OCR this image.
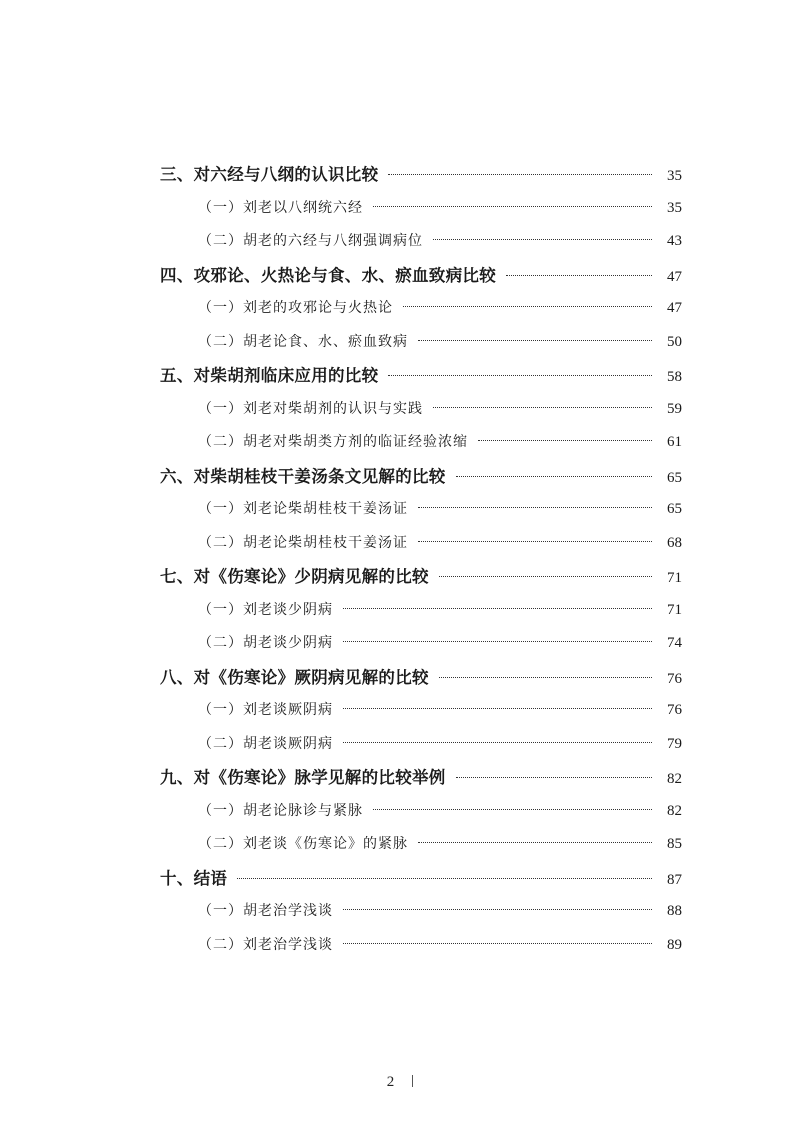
三、对六经与八纲的认识比较	35
（一）刘老以八纲统六经	35
（二）胡老的六经与八纲强调病位	43
四、攻邪论、火热论与食、水、瘀血致病比较	47
（一）刘老的攻邪论与火热论	47
（二）胡老论食、水、瘀血致病	50
五、对柴胡剂临床应用的比较	58
（一）刘老对柴胡剂的认识与实践	59
（二）胡老对柴胡类方剂的临证经验浓缩	61
六、对柴胡桂枝干姜汤条文见解的比较	65
（一）刘老论柴胡桂枝干姜汤证	65
（二）胡老论柴胡桂枝干姜汤证	68
七、对《伤寒论》少阴病见解的比较	71
（一）刘老谈少阴病	71
（二）胡老谈少阴病	74
八、对《伤寒论》厥阴病见解的比较	76
（一）刘老谈厥阴病	76
（二）胡老谈厥阴病	79
九、对《伤寒论》脉学见解的比较举例	82
（一）胡老论脉诊与紧脉	82
（二）刘老谈《伤寒论》的紧脉	85
十、结语	87
（一）胡老治学浅谈	88
（二）刘老治学浅谈	89
2
